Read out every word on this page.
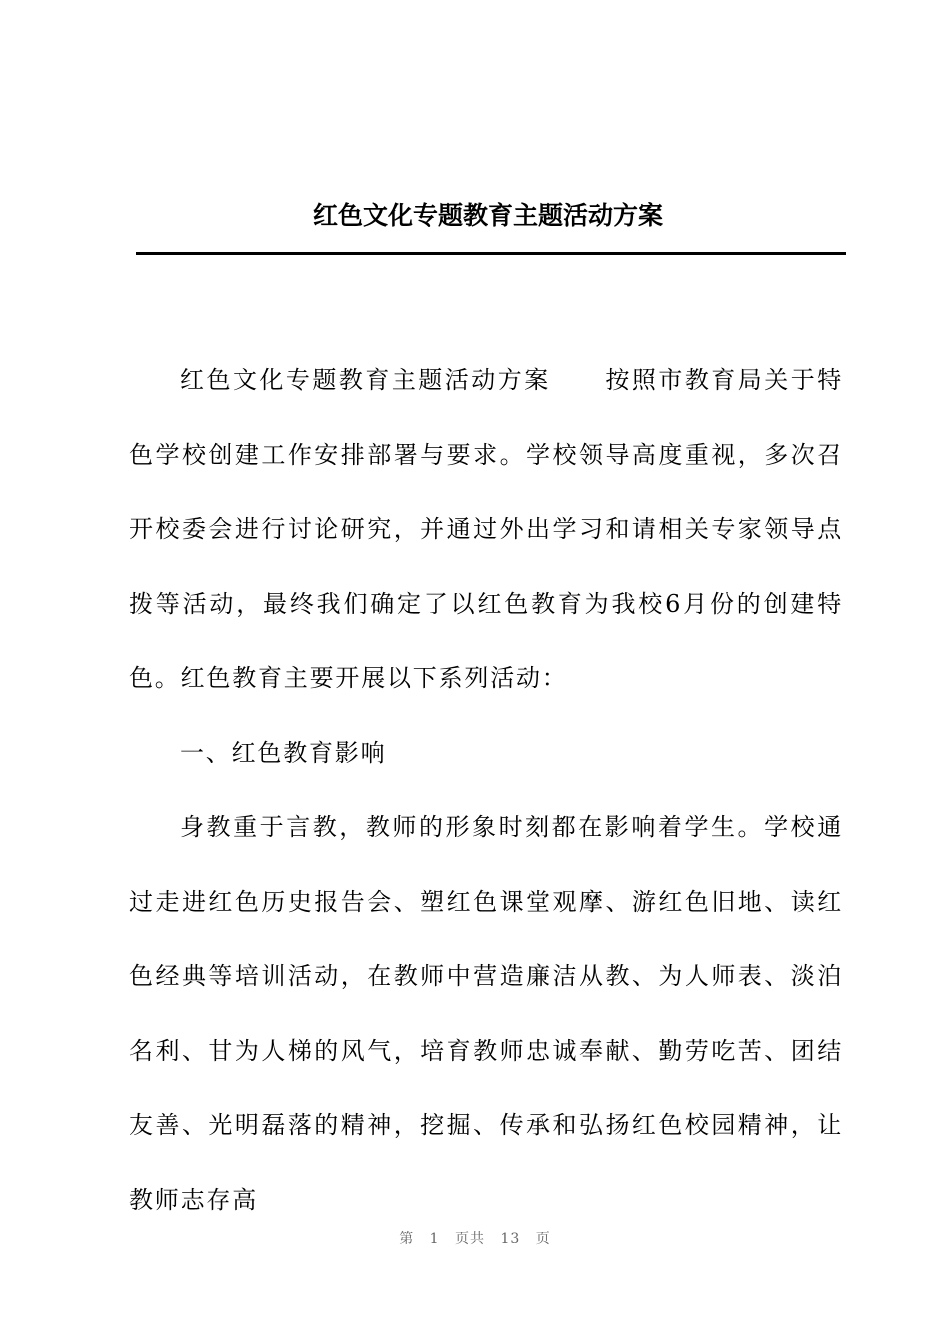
红色文化专题教育主题活动方案

红色文化专题教育主题活动方案 按照市教育局关于特色学校创建工作安排部署与要求。学校领导高度重视，多次召开校委会进行讨论研究，并通过外出学习和请相关专家领导点拨等活动，最终我们确定了以红色教育为我校6月份的创建特色。红色教育主要开展以下系列活动：

一、红色教育影响

身教重于言教，教师的形象时刻都在影响着学生。学校通过走进红色历史报告会、塑红色课堂观摩、游红色旧地、读红色经典等培训活动，在教师中营造廉洁从教、为人师表、淡泊名利、甘为人梯的风气，培育教师忠诚奉献、勤劳吃苦、团结友善、光明磊落的精神，挖掘、传承和弘扬红色校园精神，让教师志存高

第 1 页共 13 页
